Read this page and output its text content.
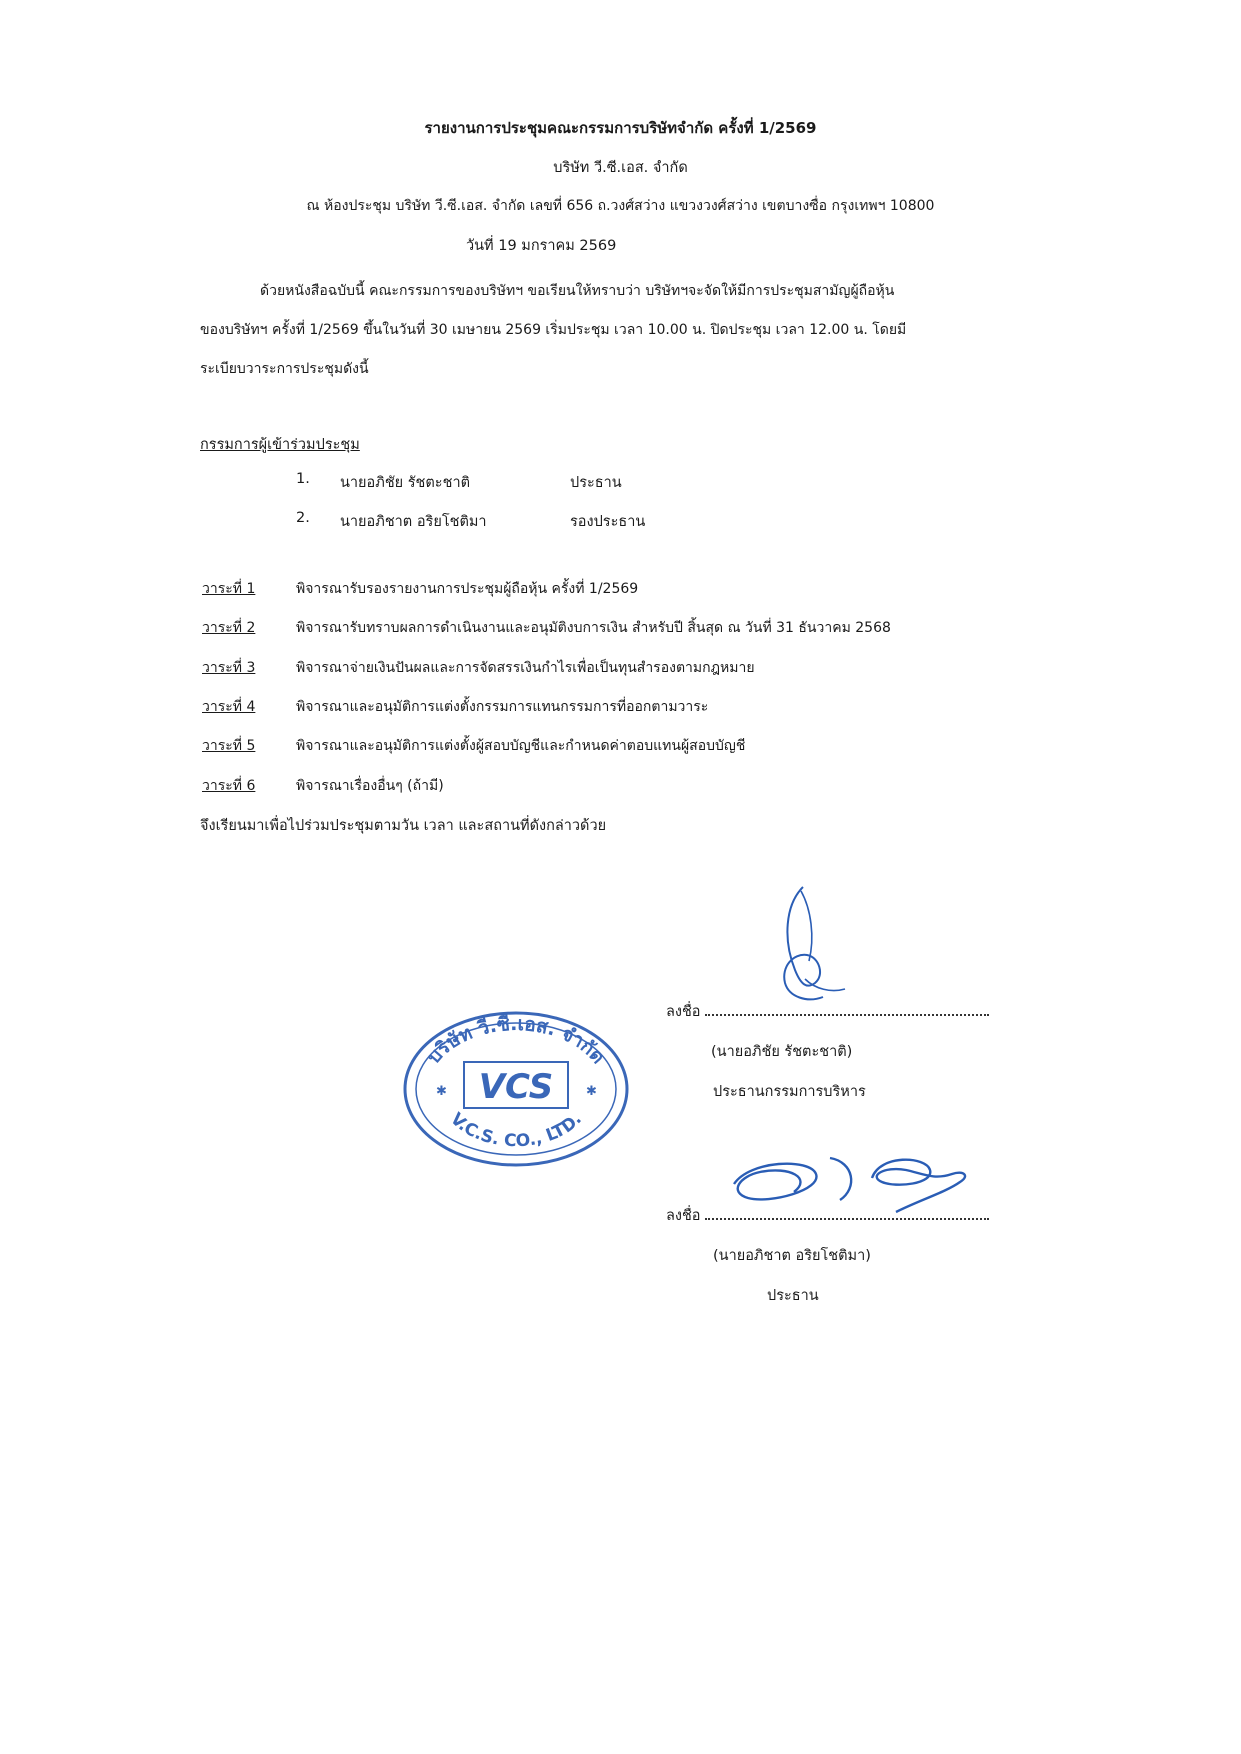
รายงานการประชุมคณะกรรมการบริษัทจำกัด ครั้งที่ 1/2569
บริษัท วี.ซี.เอส. จำกัด
ณ ห้องประชุม บริษัท วี.ซี.เอส. จำกัด เลขที่ 656 ถ.วงศ์สว่าง แขวงวงศ์สว่าง เขตบางซื่อ กรุงเทพฯ 10800
วันที่ 19 มกราคม 2569
ด้วยหนังสือฉบับนี้ คณะกรรมการของบริษัทฯ ขอเรียนให้ทราบว่า บริษัทฯจะจัดให้มีการประชุมสามัญผู้ถือหุ้น
ของบริษัทฯ ครั้งที่ 1/2569 ขึ้นในวันที่ 30 เมษายน 2569 เริ่มประชุม เวลา 10.00 น. ปิดประชุม เวลา 12.00 น. โดยมี
ระเบียบวาระการประชุมดังนี้
กรรมการผู้เข้าร่วมประชุม
1. นายอภิชัย รัชตะชาติ	ประธาน
2. นายอภิชาต อริยโชติมา	รองประธาน
วาระที่ 1	พิจารณารับรองรายงานการประชุมผู้ถือหุ้น ครั้งที่ 1/2569
วาระที่ 2	พิจารณารับทราบผลการดำเนินงานและอนุมัติงบการเงิน สำหรับปี สิ้นสุด ณ วันที่ 31 ธันวาคม 2568
วาระที่ 3	พิจารณาจ่ายเงินปันผลและการจัดสรรเงินกำไรเพื่อเป็นทุนสำรองตามกฎหมาย
วาระที่ 4	พิจารณาและอนุมัติการแต่งตั้งกรรมการแทนกรรมการที่ออกตามวาระ
วาระที่ 5	พิจารณาและอนุมัติการแต่งตั้งผู้สอบบัญชีและกำหนดค่าตอบแทนผู้สอบบัญชี
วาระที่ 6	พิจารณาเรื่องอื่นๆ (ถ้ามี)
จึงเรียนมาเพื่อไปร่วมประชุมตามวัน เวลา และสถานที่ดังกล่าวด้วย
บริษัท วี.ซี.เอส. จำกัด
V.C.S. CO., LTD.
VCS
✱	✱
ลงชื่อ
(นายอภิชัย รัชตะชาติ)
ประธานกรรมการบริหาร
ลงชื่อ
(นายอภิชาต อริยโชติมา)
ประธาน
